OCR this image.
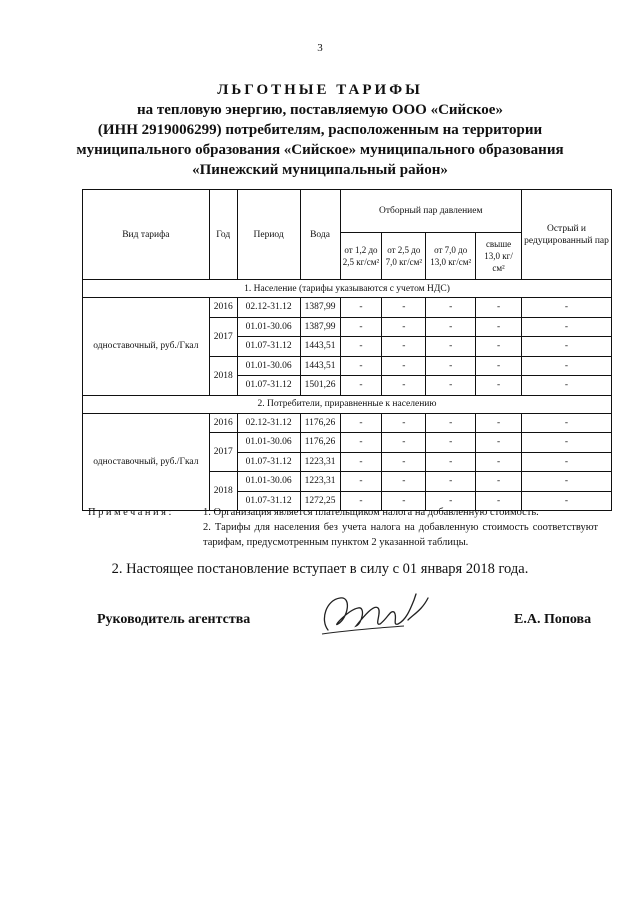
3
ЛЬГОТНЫЕ ТАРИФЫ
на тепловую энергию, поставляемую ООО «Сийское»
(ИНН 2919006299) потребителям, расположенным на территории
муниципального образования «Сийское» муниципального образования
«Пинежский муниципальный район»
Вид тарифа	Год	Период	Вода	Отборный пар давлением				Острый и редуцированный пар
				от 1,2 до 2,5 кг/см²	от 2,5 до 7,0 кг/см²	от 7,0 до 13,0 кг/см²	свыше 13,0 кг/см²	
1. Население (тарифы указываются с учетом НДС)								
одноставочный, руб./Гкал	2016	02.12-31.12	1387,99	-	-	-	-	-
	2017	01.01-30.06	1387,99	-	-	-	-	-
		01.07-31.12	1443,51	-	-	-	-	-
	2018	01.01-30.06	1443,51	-	-	-	-	-
		01.07-31.12	1501,26	-	-	-	-	-
2. Потребители, приравненные к населению								
одноставочный, руб./Гкал	2016	02.12-31.12	1176,26	-	-	-	-	-
	2017	01.01-30.06	1176,26	-	-	-	-	-
		01.07-31.12	1223,31	-	-	-	-	-
	2018	01.01-30.06	1223,31	-	-	-	-	-
		01.07-31.12	1272,25	-	-	-	-	-
Примечания:	1. Организация является плательщиком налога на добавленную стоимость.
2. Тарифы для населения без учета налога на добавленную стоимость соответствуют тарифам, предусмотренным пунктом 2 указанной таблицы.
2. Настоящее постановление вступает в силу с 01 января 2018 года.
Руководитель агентства	Е.А. Попова
